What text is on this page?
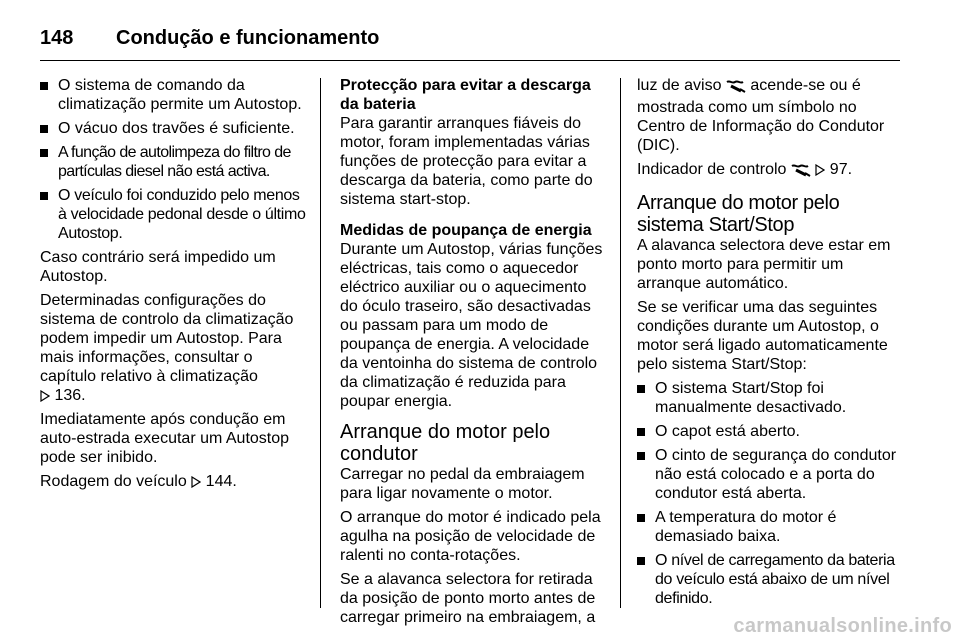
148	Condução e funcionamento
O sistema de comando da climatização permite um Autostop.
O vácuo dos travões é suficiente.
A função de autolimpeza do filtro de partículas diesel não está activa.
O veículo foi conduzido pelo menos à velocidade pedonal desde o último Autostop.

Caso contrário será impedido um Autostop.

Determinadas configurações do sistema de controlo da climatização podem impedir um Autostop. Para mais informações, consultar o capítulo relativo à climatização

136.

Imediatamente após condução em auto-estrada executar um Autostop pode ser inibido.

Rodagem do veículo 144.

Protecção para evitar a descarga da bateria

Para garantir arranques fiáveis do motor, foram implementadas várias funções de protecção para evitar a descarga da bateria, como parte do sistema start-stop.

Medidas de poupança de energia

Durante um Autostop, várias funções eléctricas, tais como o aquecedor eléctrico auxiliar ou o aquecimento do óculo traseiro, são desactivadas ou passam para um modo de poupança de energia. A velocidade da ventoinha do sistema de controlo da climatização é reduzida para poupar energia.

Arranque do motor pelo condutor

Carregar no pedal da embraiagem para ligar novamente o motor.

O arranque do motor é indicado pela agulha na posição de velocidade de ralenti no conta-rotações.

Se a alavanca selectora for retirada da posição de ponto morto antes de carregar primeiro na embraiagem, a

luz de aviso acende-se ou é mostrada como um símbolo no Centro de Informação do Condutor (DIC).

Indicador de controlo	97.

Arranque do motor pelo sistema Start/Stop

A alavanca selectora deve estar em ponto morto para permitir um arranque automático.

Se se verificar uma das seguintes condições durante um Autostop, o motor será ligado automaticamente pelo sistema Start/Stop:

O sistema Start/Stop foi manualmente desactivado.
O capot está aberto.
O cinto de segurança do condutor não está colocado e a porta do condutor está aberta.
A temperatura do motor é demasiado baixa.
O nível de carregamento da bateria do veículo está abaixo de um nível definido.
carmanualsonline.info
